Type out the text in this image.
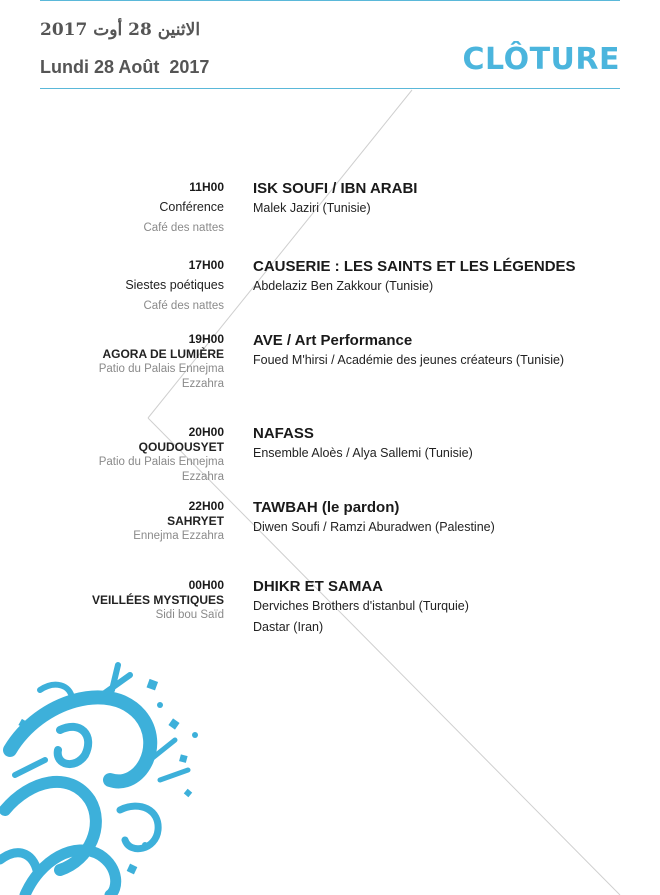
الاثنين 28 أوت 2017
Lundi 28 Août  2017	CLÔTURE
11H00
Conférence
Café des nattes
ISK SOUFI / IBN ARABI
Malek Jaziri (Tunisie)
17H00
Siestes poétiques
Café des nattes
CAUSERIE : LES SAINTS ET LES LÉGENDES
Abdelaziz Ben Zakkour (Tunisie)
19H00
AGORA DE LUMIÈRE
Patio du Palais Ennejma
Ezzahra
AVE / Art Performance
Foued M'hirsi / Académie des jeunes créateurs (Tunisie)
20H00
QOUDOUSYET
Patio du Palais Ennejma
Ezzahra
NAFASS
Ensemble Aloès / Alya Sallemi (Tunisie)
22H00
SAHRYET
Ennejma Ezzahra
TAWBAH (le pardon)
Diwen Soufi / Ramzi Aburadwen (Palestine)
00H00
VEILLÉES MYSTIQUES
Sidi bou Saïd
DHIKR ET SAMAA
Derviches Brothers d'istanbul (Turquie)
Dastar (Iran)
